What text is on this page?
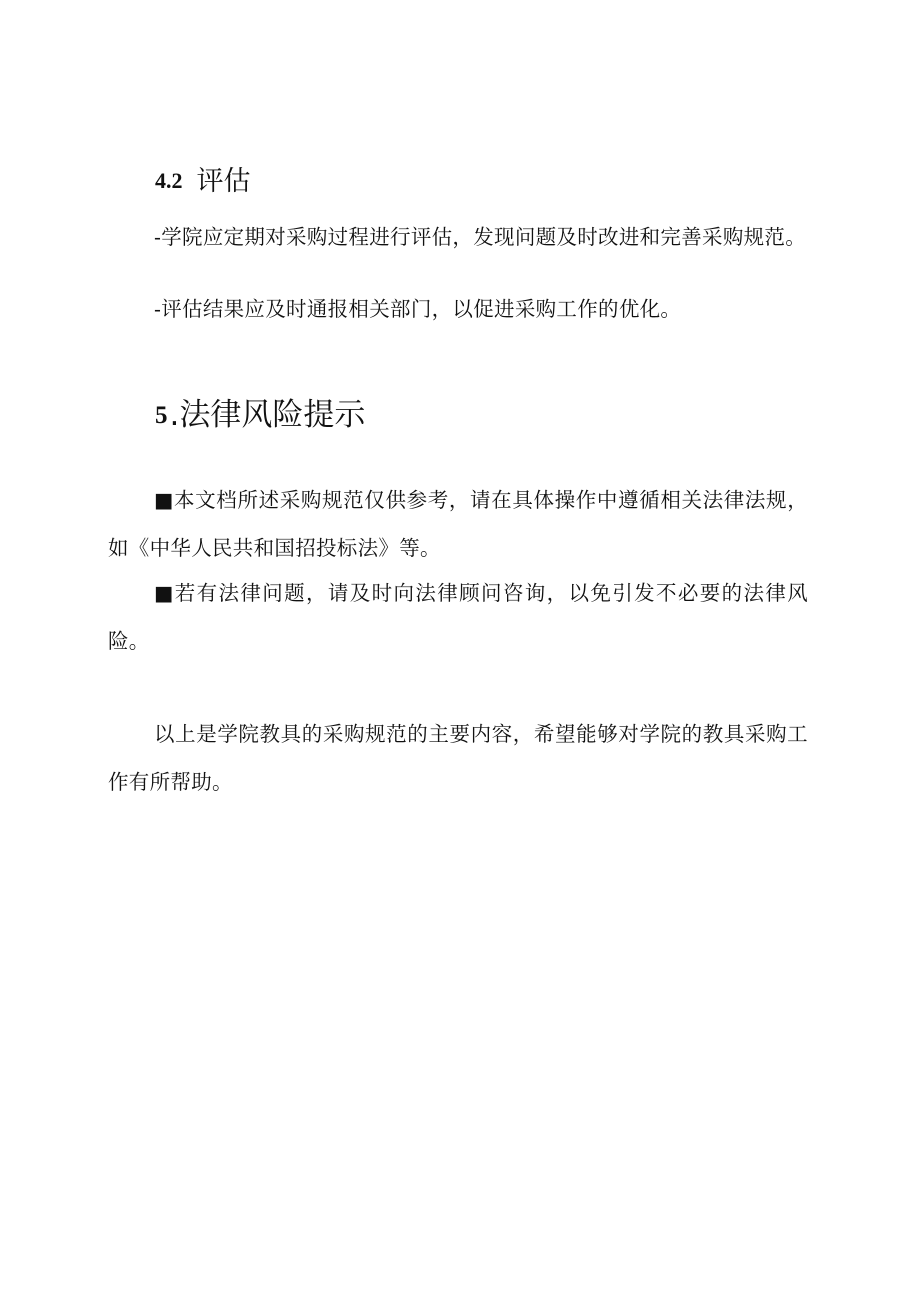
4.2 评估

-学院应定期对采购过程进行评估，发现问题及时改进和完善采购规范。

-评估结果应及时通报相关部门，以促进采购工作的优化。

5.法律风险提示

■本文档所述采购规范仅供参考，请在具体操作中遵循相关法律法规，如《中华人民共和国招投标法》等。

■若有法律问题，请及时向法律顾问咨询，以免引发不必要的法律风险。

以上是学院教具的采购规范的主要内容，希望能够对学院的教具采购工作有所帮助。
